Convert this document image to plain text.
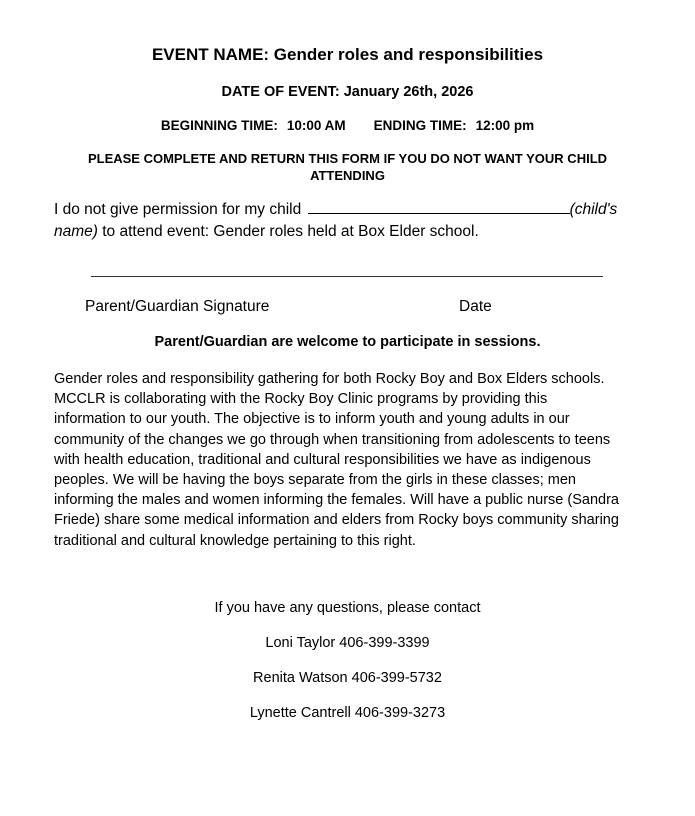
EVENT NAME: Gender roles and responsibilities
DATE OF EVENT: January 26th, 2026
BEGINNING TIME: 10:00 AM ENDING TIME: 12:00 pm
PLEASE COMPLETE AND RETURN THIS FORM IF YOU DO NOT WANT YOUR CHILD ATTENDING
I do not give permission for my child	(child's name) to attend event: Gender roles held at Box Elder school.
Parent/Guardian Signature	Date
Parent/Guardian are welcome to participate in sessions.
Gender roles and responsibility gathering for both Rocky Boy and Box Elders schools.
MCCLR is collaborating with the Rocky Boy Clinic programs by providing this
information to our youth. The objective is to inform youth and young adults in our
community of the changes we go through when transitioning from adolescents to teens
with health education, traditional and cultural responsibilities we have as indigenous
peoples. We will be having the boys separate from the girls in these classes; men
informing the males and women informing the females. Will have a public nurse (Sandra
Friede) share some medical information and elders from Rocky boys community sharing
traditional and cultural knowledge pertaining to this right.
If you have any questions, please contact
Loni Taylor 406-399-3399
Renita Watson 406-399-5732
Lynette Cantrell 406-399-3273
